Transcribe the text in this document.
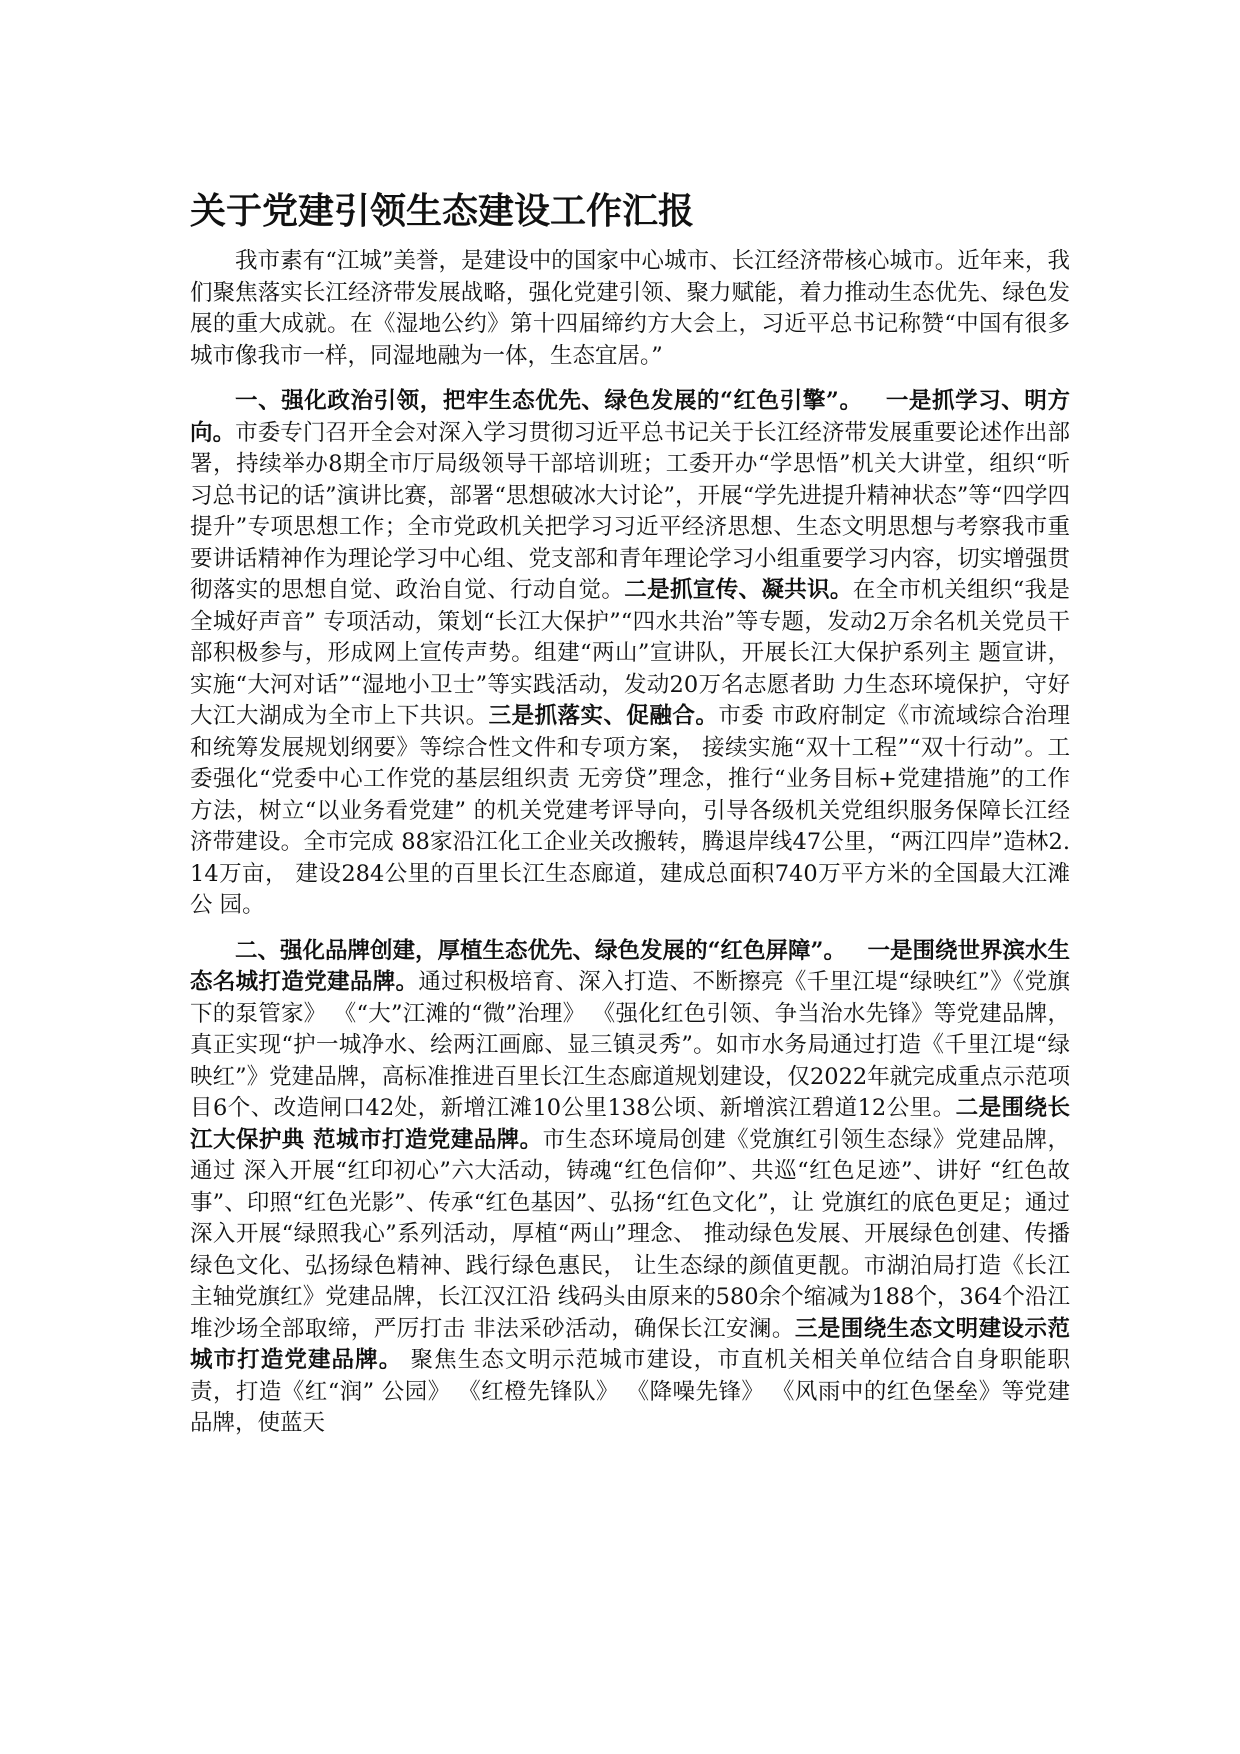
关于党建引领生态建设工作汇报

我市素有“江城”美誉，是建设中的国家中心城市、长江经济带核心城市。近年来，我们聚焦落实长江经济带发展战略，强化党建引领、聚力赋能，着力推动生态优先、绿色发展的重大成就。在《湿地公约》第十四届缔约方大会上，习近平总书记称赞“中国有很多城市像我市一样，同湿地融为一体，生态宜居。”

一、强化政治引领，把牢生态优先、绿色发展的“红色引擎”。 一是抓学习、明方向。市委专门召开全会对深入学习贯彻习近平总书记关于长江经济带发展重要论述作出部署，持续举办8期全市厅局级领导干部培训班；工委开办“学思悟”机关大讲堂，组织“听习总书记的话”演讲比赛，部署“思想破冰大讨论”，开展“学先进提升精神状态”等“四学四提升”专项思想工作；全市党政机关把学习习近平经济思想、生态文明思想与考察我市重要讲话精神作为理论学习中心组、党支部和青年理论学习小组重要学习内容，切实增强贯彻落实的思想自觉、政治自觉、行动自觉。二是抓宣传、凝共识。在全市机关组织“我是全城好声音” 专项活动，策划“长江大保护”“四水共治”等专题，发动2万余名机关党员干 部积极参与，形成网上宣传声势。组建“两山”宣讲队，开展长江大保护系列主 题宣讲，实施“大河对话”“湿地小卫士”等实践活动，发动20万名志愿者助 力生态环境保护，守好大江大湖成为全市上下共识。三是抓落实、促融合。市委 市政府制定《市流域综合治理和统筹发展规划纲要》等综合性文件和专项方案， 接续实施“双十工程”“双十行动”。工委强化“党委中心工作党的基层组织责 无旁贷”理念，推行“业务目标+党建措施”的工作方法，树立“以业务看党建” 的机关党建考评导向，引导各级机关党组织服务保障长江经济带建设。全市完成 88家沿江化工企业关改搬转，腾退岸线47公里，“两江四岸”造林2.14万亩， 建设284公里的百里长江生态廊道，建成总面积740万平方米的全国最大江滩公 园。

二、强化品牌创建，厚植生态优先、绿色发展的“红色屏障”。 一是围绕世界滨水生态名城打造党建品牌。通过积极培育、深入打造、不断擦亮《千里江堤“绿映红”》《党旗下的泵管家》 《“大”江滩的“微”治理》 《强化红色引领、争当治水先锋》等党建品牌，真正实现“护一城净水、绘两江画廊、显三镇灵秀”。如市水务局通过打造《千里江堤“绿映红”》党建品牌，高标准推进百里长江生态廊道规划建设，仅2022年就完成重点示范项目6个、改造闸口42处，新增江滩10公里138公顷、新增滨江碧道12公里。二是围绕长江大保护典 范城市打造党建品牌。市生态环境局创建《党旗红引领生态绿》党建品牌，通过 深入开展“红印初心”六大活动，铸魂“红色信仰”、共巡“红色足迹”、讲好 “红色故事”、印照“红色光影”、传承“红色基因”、弘扬“红色文化”，让 党旗红的底色更足；通过深入开展“绿照我心”系列活动，厚植“两山”理念、 推动绿色发展、开展绿色创建、传播绿色文化、弘扬绿色精神、践行绿色惠民， 让生态绿的颜值更靓。市湖泊局打造《长江主轴党旗红》党建品牌，长江汉江沿 线码头由原来的580余个缩减为188个，364个沿江堆沙场全部取缔，严厉打击 非法采砂活动，确保长江安澜。三是围绕生态文明建设示范城市打造党建品牌。 聚焦生态文明示范城市建设，市直机关相关单位结合自身职能职责，打造《红“润” 公园》 《红橙先锋队》 《降噪先锋》 《风雨中的红色堡垒》等党建品牌，使蓝天
